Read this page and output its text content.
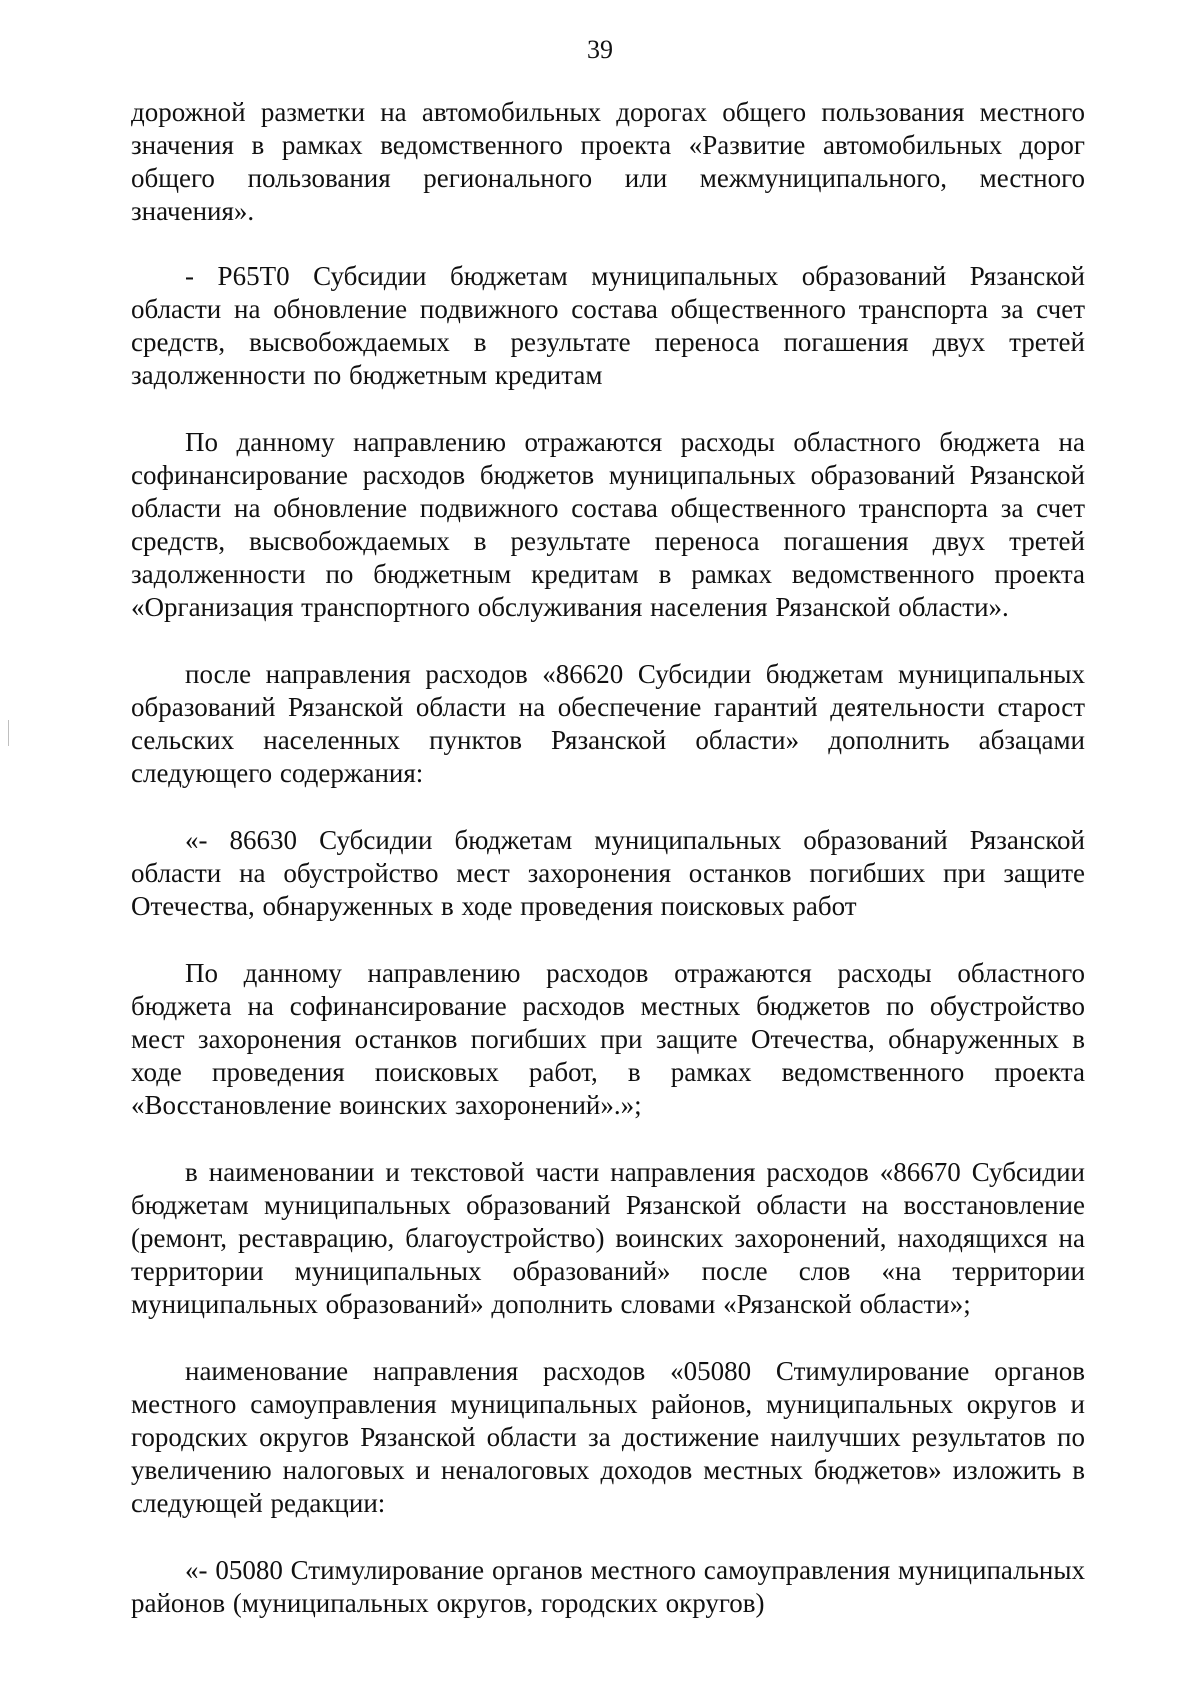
39

дорожной разметки на автомобильных дорогах общего пользования местного значения в рамках ведомственного проекта «Развитие автомобильных дорог общего пользования регионального или межмуниципального, местного значения».

- Р65Т0 Субсидии бюджетам муниципальных образований Рязанской области на обновление подвижного состава общественного транспорта за счет средств, высвобождаемых в результате переноса погашения двух третей задолженности по бюджетным кредитам

По данному направлению отражаются расходы областного бюджета на софинансирование расходов бюджетов муниципальных образований Рязанской области на обновление подвижного состава общественного транспорта за счет средств, высвобождаемых в результате переноса погашения двух третей задолженности по бюджетным кредитам в рамках ведомственного проекта «Организация транспортного обслуживания населения Рязанской области».

после направления расходов «86620 Субсидии бюджетам муниципальных образований Рязанской области на обеспечение гарантий деятельности старост сельских населенных пунктов Рязанской области» дополнить абзацами следующего содержания:

«- 86630 Субсидии бюджетам муниципальных образований Рязанской области на обустройство мест захоронения останков погибших при защите Отечества, обнаруженных в ходе проведения поисковых работ

По данному направлению расходов отражаются расходы областного бюджета на софинансирование расходов местных бюджетов по обустройство мест захоронения останков погибших при защите Отечества, обнаруженных в ходе проведения поисковых работ, в рамках ведомственного проекта «Восстановление воинских захоронений».»;

в наименовании и текстовой части направления расходов «86670 Субсидии бюджетам муниципальных образований Рязанской области на восстановление (ремонт, реставрацию, благоустройство) воинских захоронений, находящихся на территории муниципальных образований» после слов «на территории муниципальных образований» дополнить словами «Рязанской области»;

наименование направления расходов «05080 Стимулирование органов местного самоуправления муниципальных районов, муниципальных округов и городских округов Рязанской области за достижение наилучших результатов по увеличению налоговых и неналоговых доходов местных бюджетов» изложить в следующей редакции:

«- 05080 Стимулирование органов местного самоуправления муниципальных районов (муниципальных округов, городских округов)
